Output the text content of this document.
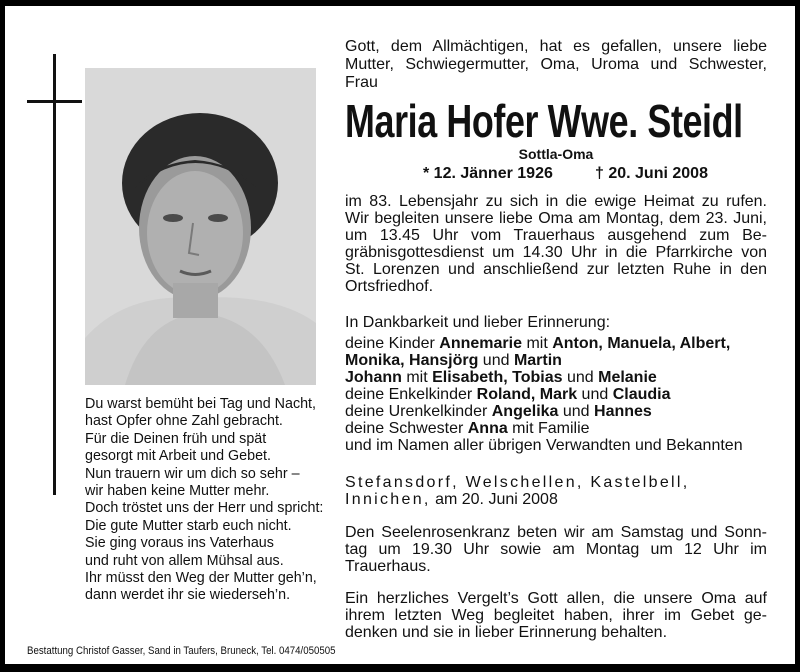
Gott, dem Allmächtigen, hat es gefallen, unsere liebe
Mutter, Schwiegermutter, Oma, Uroma und Schwester,
Frau
Maria Hofer Wwe. Steidl
Sottla-Oma
* 12. Jänner 1926	† 20. Juni 2008
im 83. Lebensjahr zu sich in die ewige Heimat zu rufen.
Wir begleiten unsere liebe Oma am Montag, dem 23. Juni,
um 13.45 Uhr vom Trauerhaus ausgehend zum Be-
gräbnisgottesdienst um 14.30 Uhr in die Pfarrkirche von
St. Lorenzen und anschließend zur letzten Ruhe in den
Ortsfriedhof.
In Dankbarkeit und lieber Erinnerung:
deine Kinder Annemarie mit Anton, Manuela, Albert,
Monika, Hansjörg und Martin
Johann mit Elisabeth, Tobias und Melanie
deine Enkelkinder Roland, Mark und Claudia
deine Urenkelkinder Angelika und Hannes
deine Schwester Anna mit Familie
und im Namen aller übrigen Verwandten und Bekannten
Stefansdorf, Welschellen, Kastelbell,
Innichen, am 20. Juni 2008
Den Seelenrosenkranz beten wir am Samstag und Sonn-
tag um 19.30 Uhr sowie am Montag um 12 Uhr im
Trauerhaus.
Ein herzliches Vergelt’s Gott allen, die unsere Oma auf
ihrem letzten Weg begleitet haben, ihrer im Gebet ge-
denken und sie in lieber Erinnerung behalten.
Du warst bemüht bei Tag und Nacht,
hast Opfer ohne Zahl gebracht.
Für die Deinen früh und spät
gesorgt mit Arbeit und Gebet.
Nun trauern wir um dich so sehr –
wir haben keine Mutter mehr.
Doch tröstet uns der Herr und spricht:
Die gute Mutter starb euch nicht.
Sie ging voraus ins Vaterhaus
und ruht von allem Mühsal aus.
Ihr müsst den Weg der Mutter geh’n,
dann werdet ihr sie wiederseh’n.
Bestattung Christof Gasser, Sand in Taufers, Bruneck, Tel. 0474/050505
